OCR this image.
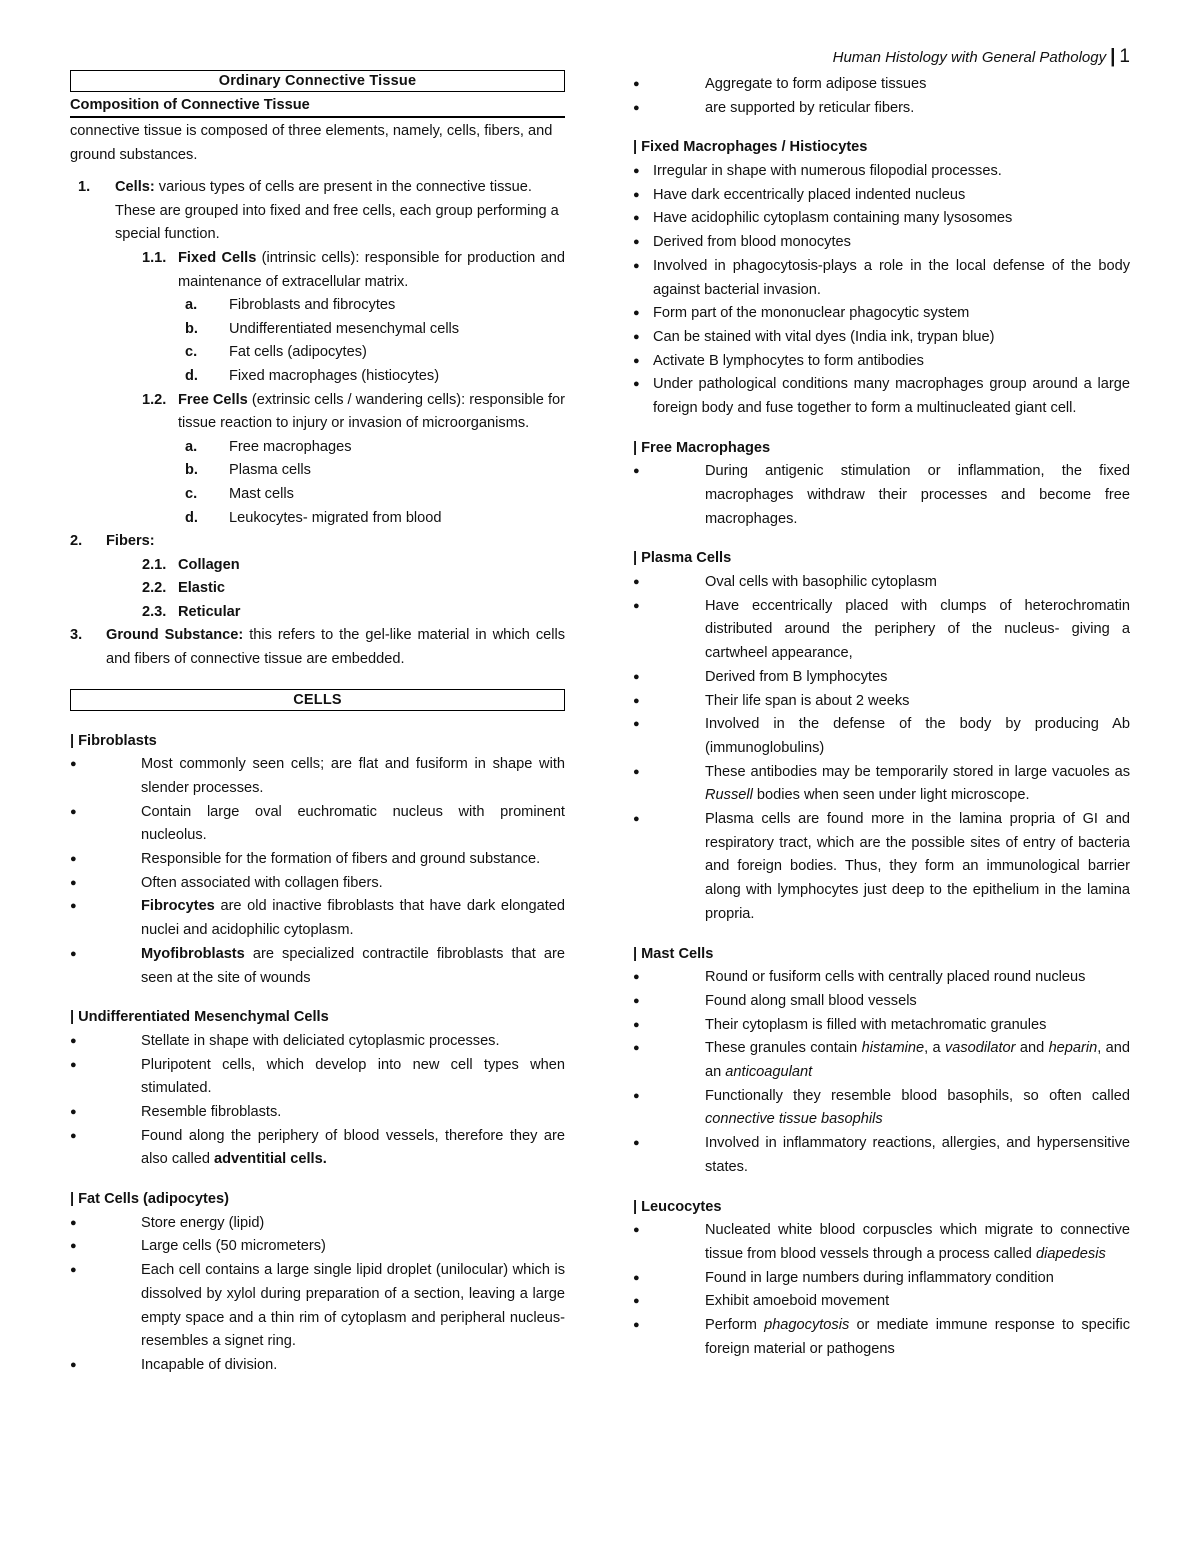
Human Histology with General Pathology | 1
Ordinary Connective Tissue
Composition of Connective Tissue

connective tissue is composed of three elements, namely, cells, fibers, and ground substances.

1.	Cells: various types of cells are present in the connective tissue. These are grouped into fixed and free cells, each group performing a special function.
1.1. Fixed Cells (intrinsic cells): responsible for production and maintenance of extracellular matrix.
a.	Fibroblasts and fibrocytes
b.	Undifferentiated mesenchymal cells
c.	Fat cells (adipocytes)
d.	Fixed macrophages (histiocytes)
1.2. Free Cells (extrinsic cells / wandering cells): responsible for tissue reaction to injury or invasion of microorganisms.
a.	Free macrophages
b.	Plasma cells
c.	Mast cells
d.	Leukocytes- migrated from blood
2.	Fibers:
2.1. Collagen
2.2. Elastic
2.3. Reticular
3.	Ground Substance: this refers to the gel-like material in which cells and fibers of connective tissue are embedded.
CELLS
| Fibroblasts
●	Most commonly seen cells; are flat and fusiform in shape with slender processes.
●	Contain large oval euchromatic nucleus with prominent nucleolus.
●	Responsible for the formation of fibers and ground substance.
●	Often associated with collagen fibers.
●	Fibrocytes are old inactive fibroblasts that have dark elongated nuclei and acidophilic cytoplasm.
●	Myofibroblasts are specialized contractile fibroblasts that are seen at the site of wounds
| Undifferentiated Mesenchymal Cells
●	Stellate in shape with deliciated cytoplasmic processes.
●	Pluripotent cells, which develop into new cell types when stimulated.
●	Resemble fibroblasts.
●	Found along the periphery of blood vessels, therefore they are also called adventitial cells.
| Fat Cells (adipocytes)
●	Store energy (lipid)
●	Large cells (50 micrometers)
●	Each cell contains a large single lipid droplet (unilocular) which is dissolved by xylol during preparation of a section, leaving a large empty space and a thin rim of cytoplasm and peripheral nucleus-resembles a signet ring.
●	Incapable of division.
●	Aggregate to form adipose tissues
●	are supported by reticular fibers.
| Fixed Macrophages / Histiocytes
● Irregular in shape with numerous filopodial processes.
● Have dark eccentrically placed indented nucleus
● Have acidophilic cytoplasm containing many lysosomes
● Derived from blood monocytes
● Involved in phagocytosis-plays a role in the local defense of the body against bacterial invasion.
● Form part of the mononuclear phagocytic system
● Can be stained with vital dyes (India ink, trypan blue)
● Activate B lymphocytes to form antibodies
● Under pathological conditions many macrophages group around a large foreign body and fuse together to form a multinucleated giant cell.
| Free Macrophages
●	During antigenic stimulation or inflammation, the fixed macrophages withdraw their processes and become free macrophages.
| Plasma Cells
●	Oval cells with basophilic cytoplasm
●	Have eccentrically placed with clumps of heterochromatin distributed around the periphery of the nucleus- giving a cartwheel appearance,
●	Derived from B lymphocytes
●	Their life span is about 2 weeks
●	Involved in the defense of the body by producing Ab (immunoglobulins)
●	These antibodies may be temporarily stored in large vacuoles as Russell bodies when seen under light microscope.
●	Plasma cells are found more in the lamina propria of GI and respiratory tract, which are the possible sites of entry of bacteria and foreign bodies. Thus, they form an immunological barrier along with lymphocytes just deep to the epithelium in the lamina propria.
| Mast Cells
●	Round or fusiform cells with centrally placed round nucleus
●	Found along small blood vessels
●	Their cytoplasm is filled with metachromatic granules
●	These granules contain histamine, a vasodilator and heparin, and an anticoagulant
●	Functionally they resemble blood basophils, so often called connective tissue basophils
●	Involved in inflammatory reactions, allergies, and hypersensitive states.
| Leucocytes
●	Nucleated white blood corpuscles which migrate to connective tissue from blood vessels through a process called diapedesis
●	Found in large numbers during inflammatory condition
●	Exhibit amoeboid movement
●	Perform phagocytosis or mediate immune response to specific foreign material or pathogens
